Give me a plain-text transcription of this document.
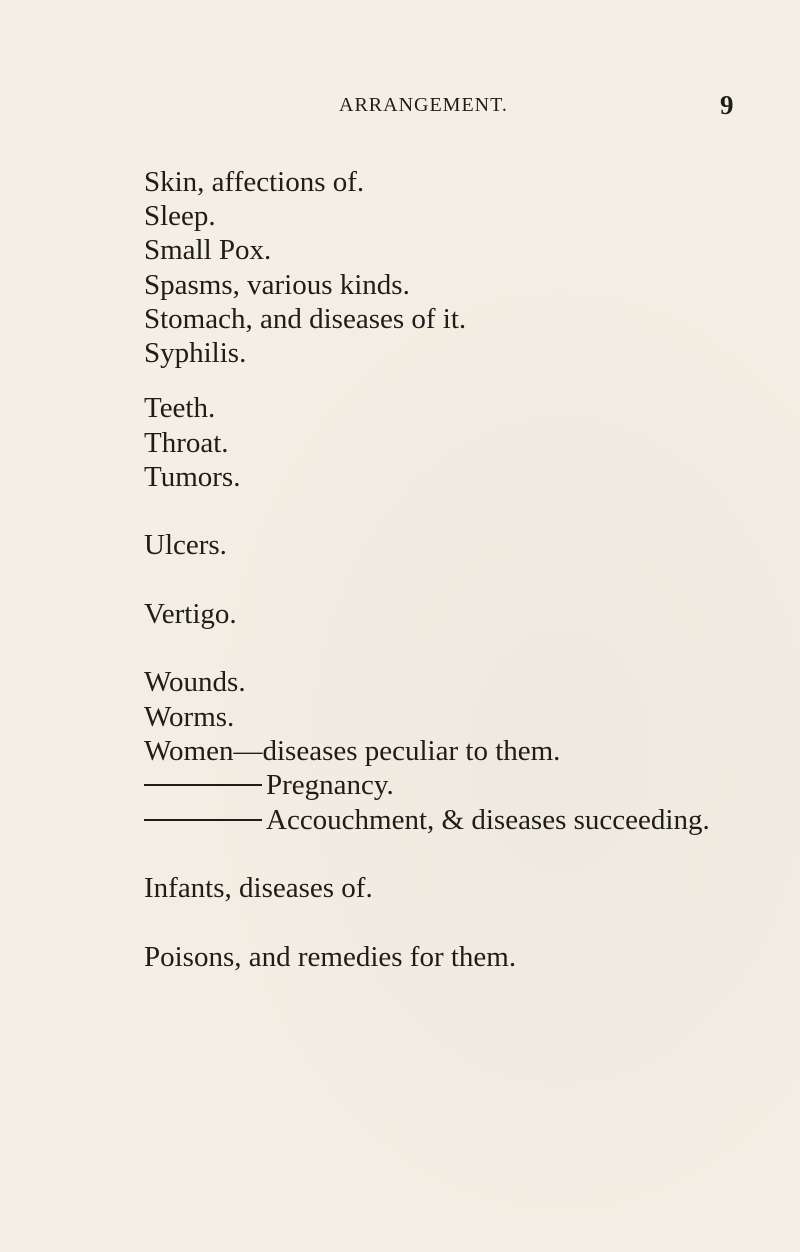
ARRANGEMENT.	9
Skin, affections of.
Sleep.
Small Pox.
Spasms, various kinds.
Stomach, and diseases of it.
Syphilis.
Teeth.
Throat.
Tumors.
Ulcers.
Vertigo.
Wounds.
Worms.
Women—diseases peculiar to them.
Pregnancy.
Accouchment, & diseases succeeding.
Infants, diseases of.
Poisons, and remedies for them.
